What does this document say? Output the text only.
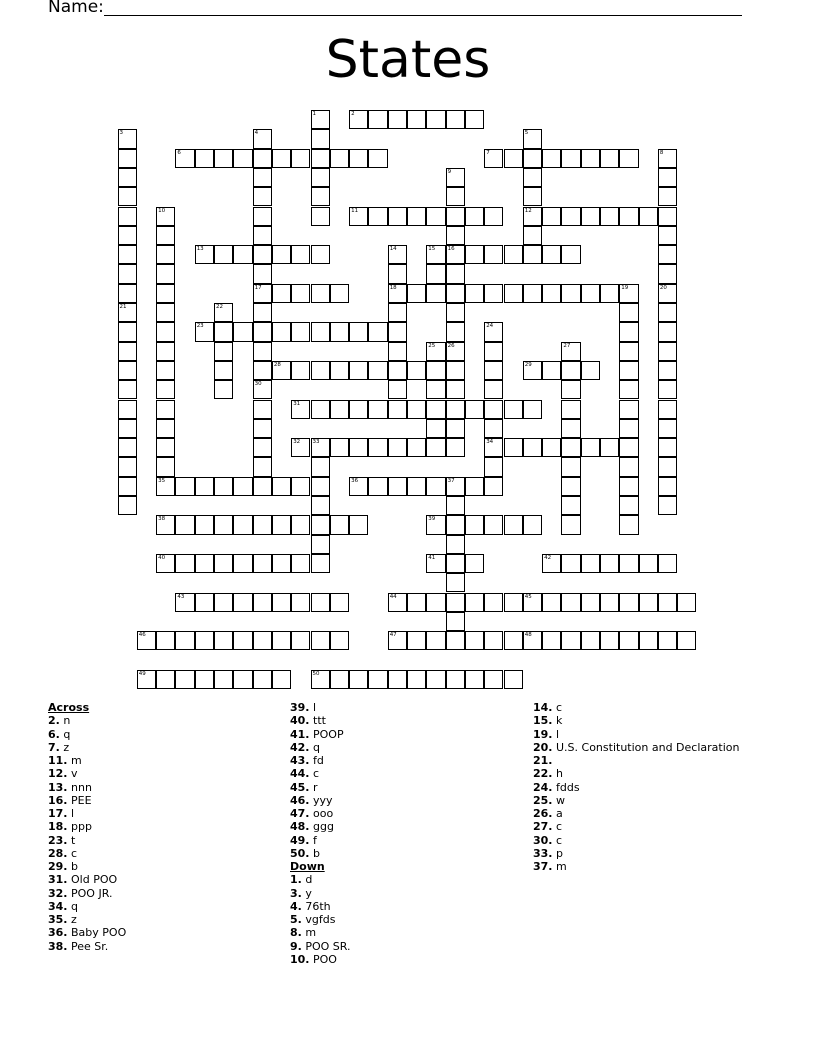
Name:
States
1	2
3	4
17
5
12
6	7	8
9
16
10	11
13	14
18
15
19	20
21	22
23	24
34
25 26	27
28	29
30
31
32 33
35	36	37
38	39
40	41	42
43	44	45
46	47	48
49	50
Across
2. n
6. q
7. z
11. m
12. v
13. nnn
16. PEE
17. l
18. ppp
23. t
28. c
29. b
31. Old POO
32. POO JR.
34. q
35. z
36. Baby POO
38. Pee Sr.
39. l
40. ttt
41. POOP
42. q
43. fd
44. c
45. r
46. yyy
47. ooo
48. ggg
49. f
50. b
Down
1. d
3. y
4. 76th
5. vgfds
8. m
9. POO SR.
10. POO
14. c
15. k
19. l
20. U.S. Constitution and Declaration
21.
22. h
24. fdds
25. w
26. a
27. c
30. c
33. p
37. m
